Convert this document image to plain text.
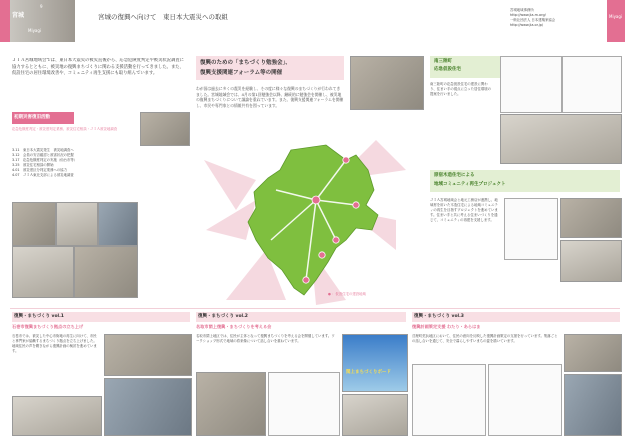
宮城
9
Miyagi
宮城の復興へ向けて　東日本大震災への取組
宮城地域事務所
http://www.jia-m.org/
一般社団法人 日本建築家協会
http://www.jia.or.jp/
Miyagi
ＪＩＡ宮城地域会では、東日本大震災の被災直後から、応急危険度判定や被災状況調査に協力するとともに、被災地の復興まちづくりに関わる支援活動を行ってきました。また、仮設住宅の居住環境改善や、コミュニティ再生支援にも取り組んでいます。
初期災害復旧活動
応急危険度判定・被災度判定業務、被災住宅相談・ＪＩＡ被災地調査
3.11　東日本大震災発生　被災地調査へ
3.12　会員の安否確認と被害状況の把握
3.17　応急危険度判定の実施（仙台市等）
3.25　被災住宅相談の開始
4.01　被災度区分判定業務への協力
4.07　ＪＩＡ東北支部による被災地調査
復興のための「まちづくり勉強会」、
復興支援関連フォーラム等の開催
わが国は過去に多くの震災を経験し、その度に様々な復興のまちづくりが行われてきました。宮城地域会では、4月の第1回勉強会以降、継続的に勉強会を開催し、被災地の復興まちづくりについて議論を重ねています。また、復興支援関連フォーラムを開催し、市民や専門家との情報共有を図っています。
南三陸町
応急仮設住宅
南三陸町の応急仮設住宅の建設に関わり、住まい手の視点に立った居住環境の提案を行いました。
原宿木造住宅による
地域コミュニティ再生プロジェクト
ＪＩＡ宮城地域会と地元工務店が連携し、地域材を用いた木造住宅による地域コミュニティの再生を目指すプロジェクトを進めています。住まい手と共に考える住まいづくりを通じて、コミュニティの再建を支援します。
● ：仮設住宅の建設地域
復興・まちづくり vol.1
石巻市復興まちづくり拠点の立ち上げ
石巻市では、被災した中心市街地の再生に向けて、市民と専門家が協働するまちづくり拠点を立ち上げました。地域住民の声を聞きながら復興計画の検討を進めています。
復興・まちづくり vol.2
名取市閖上復興・まちづくりを考える会
名取市閖上地区では、住民が主体となって復興まちづくりを考える会を開催しています。ワークショップ形式で地域の将来像について話し合いを重ねています。
閖上まちづくりボード
復興・まちづくり vol.3
復興計画策定支援 わたり・あらはま
亘理町荒浜地区において、住民の意向を反映した復興計画策定の支援を行っています。集落ごとの話し合いを通じて、安全で暮らしやすいまちの姿を描いています。
